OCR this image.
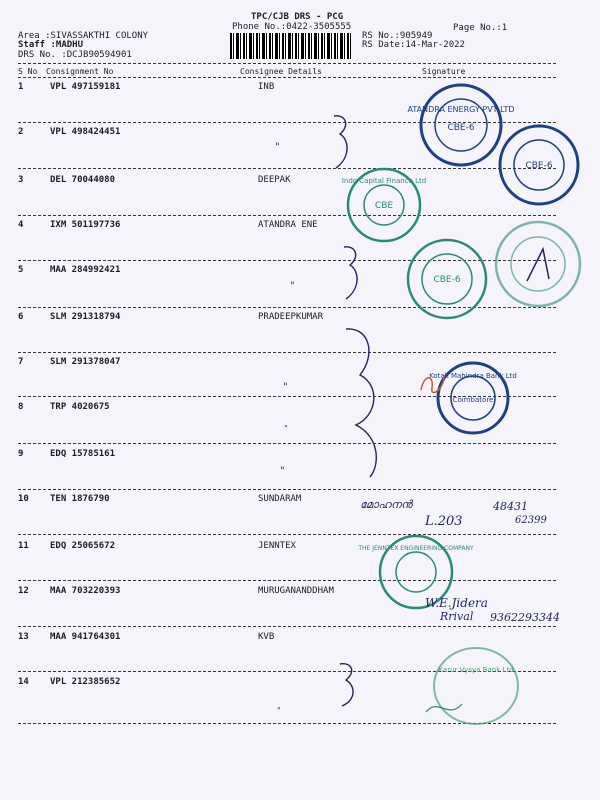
TPC/CJB DRS - PCG
Phone No.:0422-3505555
Area :SIVASSAKTHI COLONY
Staff :MADHU
DRS No. :DCJB90594901
RS No.:905949
RS Date:14-Mar-2022
Page No.:1
S No Consignment No	Consignee Details	Signature
1	VPL 497159181	INB
2	VPL 498424451
"
3	DEL 70044080	DEEPAK
4	IXM 501197736	ATANDRA ENE
5	MAA 284992421
"
6	SLM 291318794	PRADEEPKUMAR
7	SLM 291378047
"
8	TRP 4020675
"
9	EDQ 15785161
"
10 TEN 1876790	SUNDARAM
11 EDQ 25065672	JENNTEX
12 MAA 703220393	MURUGANANDDHAM
13 MAA 941764301	KVB
14 VPL 212385652
"
ATANDRA ENERGY PVT LTD
CBE-6
CBE-6
Indo Capital Finance Ltd
CBE
CBE-6
Kotak Mahindra Bank Ltd
Coimbatore
THE JENNTEX ENGINEERING COMPANY
Karur Vysya Bank Ltd
മോഹനൻ
L.203
48431
62399
W.E.Jidera
Rrival 9362293344
